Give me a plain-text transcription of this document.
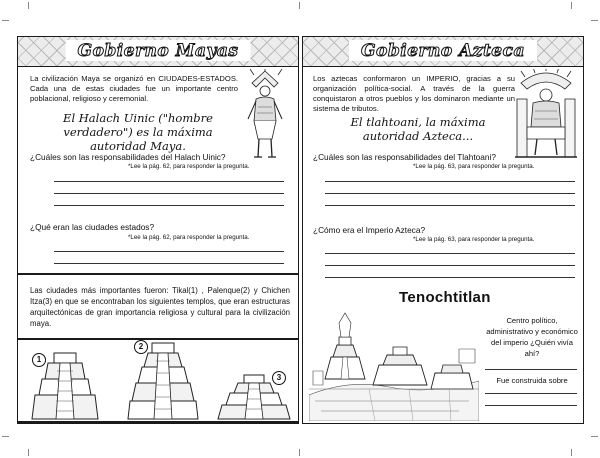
Gobierno Mayas
La civilización Maya se organizó en CIUDADES-ESTADOS. Cada una de estas ciudades fue un importante centro poblacional, religioso y ceremonial.
El Halach Uinic ("hombre verdadero") es la máxima autoridad Maya.
¿Cuáles son las responsabilidades del Halach Uinic?
*Lee la pág. 62, para responder la pregunta.
¿Qué eran las ciudades estados?
*Lee la pág. 62, para responder la pregunta.
Las ciudades más importantes fueron: Tikal(1) , Palenque(2) y Chichen Itza(3) en que se encontraban los siguientes templos, que eran estructuras arquitectónicas de gran importancia religiosa y cultural para la civilización maya.
1
2
3
Gobierno Azteca
Los aztecas conformaron un IMPERIO, gracias a su organización política-social. A través de la guerra conquistaron a otros pueblos y los dominaron mediante un sistema de tributos.
El tlahtoani, la máxima autoridad Azteca...
¿Cuáles son las responsabilidades del Tlahtoani?
*Lee la pág. 63, para responder la pregunta.
¿Cómo era el Imperio Azteca?
*Lee la pág. 63, para responder la pregunta.
Tenochtitlan
Centro político, administrativo y económico del imperio ¿Quién vivía ahí?
Fue construida sobre
